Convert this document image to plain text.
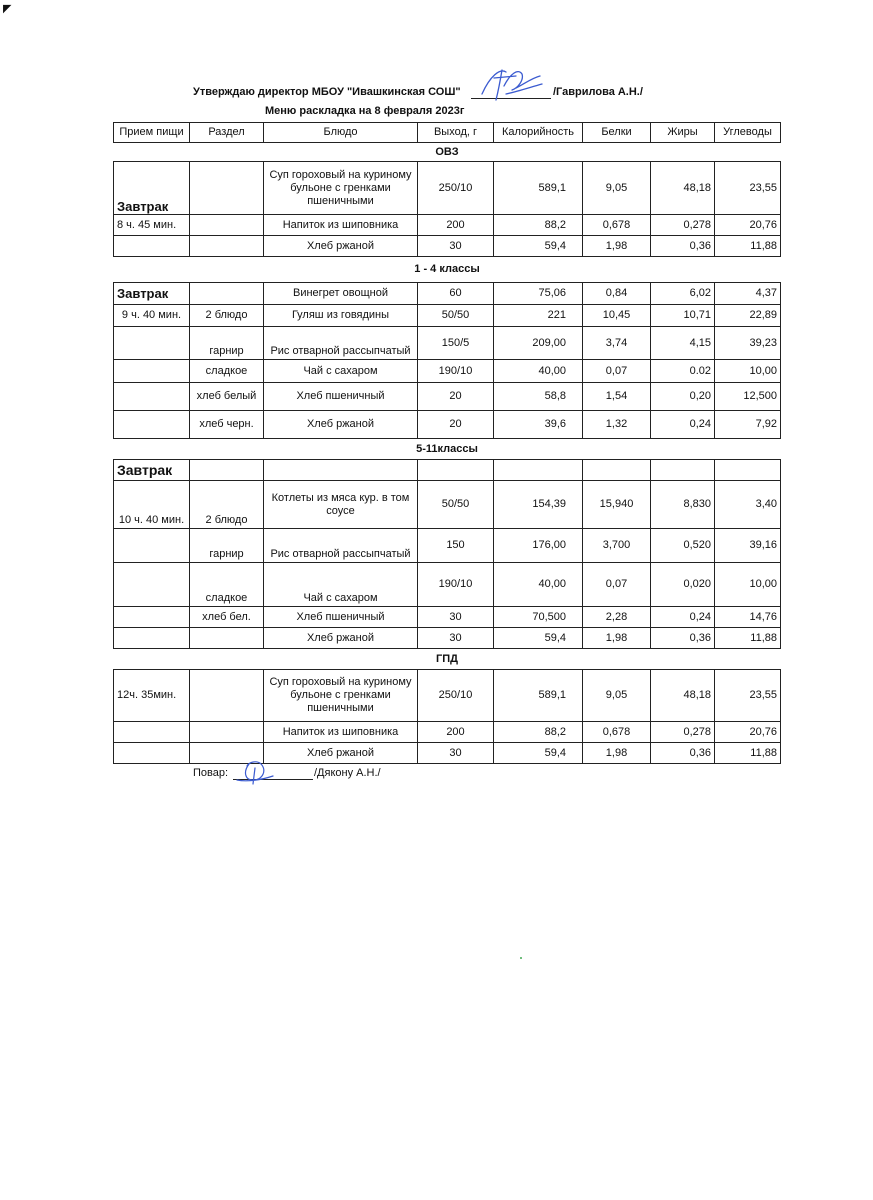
◤
Утверждаю директор МБОУ "Ивашкинская СОШ"	/Гаврилова А.Н./
Меню раскладка на 8 февраля 2023г
Прием пищи	Раздел	Блюдо	Выход, г	Калорийность	Белки	Жиры	Углеводы
ОВЗ							
Завтрак		Суп гороховый на куриному бульоне с гренками пшеничными	250/10	589,1	9,05	48,18	23,55
8 ч. 45 мин.		Напиток из шиповника	200	88,2	0,678	0,278	20,76
		Хлеб ржаной	30	59,4	1,98	0,36	11,88
1 - 4 классы							
Завтрак		Винегрет овощной	60	75,06	0,84	6,02	4,37
9 ч. 40 мин.	2 блюдо	Гуляш из говядины	50/50	221	10,45	10,71	22,89
	гарнир	Рис отварной рассыпчатый	150/5	209,00	3,74	4,15	39,23
	сладкое	Чай с сахаром	190/10	40,00	0,07	0.02	10,00
	хлеб белый	Хлеб пшеничный	20	58,8	1,54	0,20	12,500
	хлеб черн.	Хлеб ржаной	20	39,6	1,32	0,24	7,92
5-11классы							
Завтрак							
10 ч. 40 мин.	2 блюдо	Котлеты из мяса кур. в том соусе	50/50	154,39	15,940	8,830	3,40
	гарнир	Рис отварной рассыпчатый	150	176,00	3,700	0,520	39,16
	сладкое	Чай с сахаром	190/10	40,00	0,07	0,020	10,00
	хлеб бел.	Хлеб пшеничный	30	70,500	2,28	0,24	14,76
		Хлеб ржаной	30	59,4	1,98	0,36	11,88
ГПД							
12ч. 35мин.		Суп гороховый на куриному бульоне с гренками пшеничными	250/10	589,1	9,05	48,18	23,55
		Напиток из шиповника	200	88,2	0,678	0,278	20,76
		Хлеб ржаной	30	59,4	1,98	0,36	11,88
Повар:	/Дякону А.Н./
